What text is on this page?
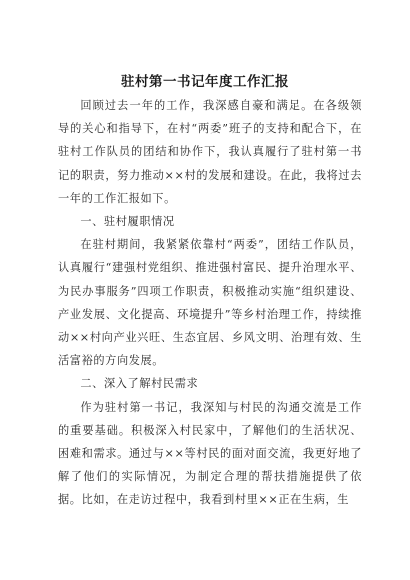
驻村第一书记年度工作汇报

回顾过去一年的工作，我深感自豪和满足。在各级领导的关心和指导下，在村“两委”班子的支持和配合下，在驻村工作队员的团结和协作下，我认真履行了驻村第一书记的职责，努力推动××村的发展和建设。在此，我将过去一年的工作汇报如下。

一、驻村履职情况

在驻村期间，我紧紧依靠村“两委”，团结工作队员，认真履行“建强村党组织、推进强村富民、提升治理水平、为民办事服务”四项工作职责，积极推动实施“组织建设、产业发展、文化提高、环境提升”等乡村治理工作，持续推动××村向产业兴旺、生态宜居、乡风文明、治理有效、生活富裕的方向发展。

二、深入了解村民需求

作为驻村第一书记，我深知与村民的沟通交流是工作的重要基础。积极深入村民家中，了解他们的生活状况、困难和需求。通过与××等村民的面对面交流，我更好地了解了他们的实际情况，为制定合理的帮扶措施提供了依据。比如，在走访过程中，我看到村里××正在生病，生
